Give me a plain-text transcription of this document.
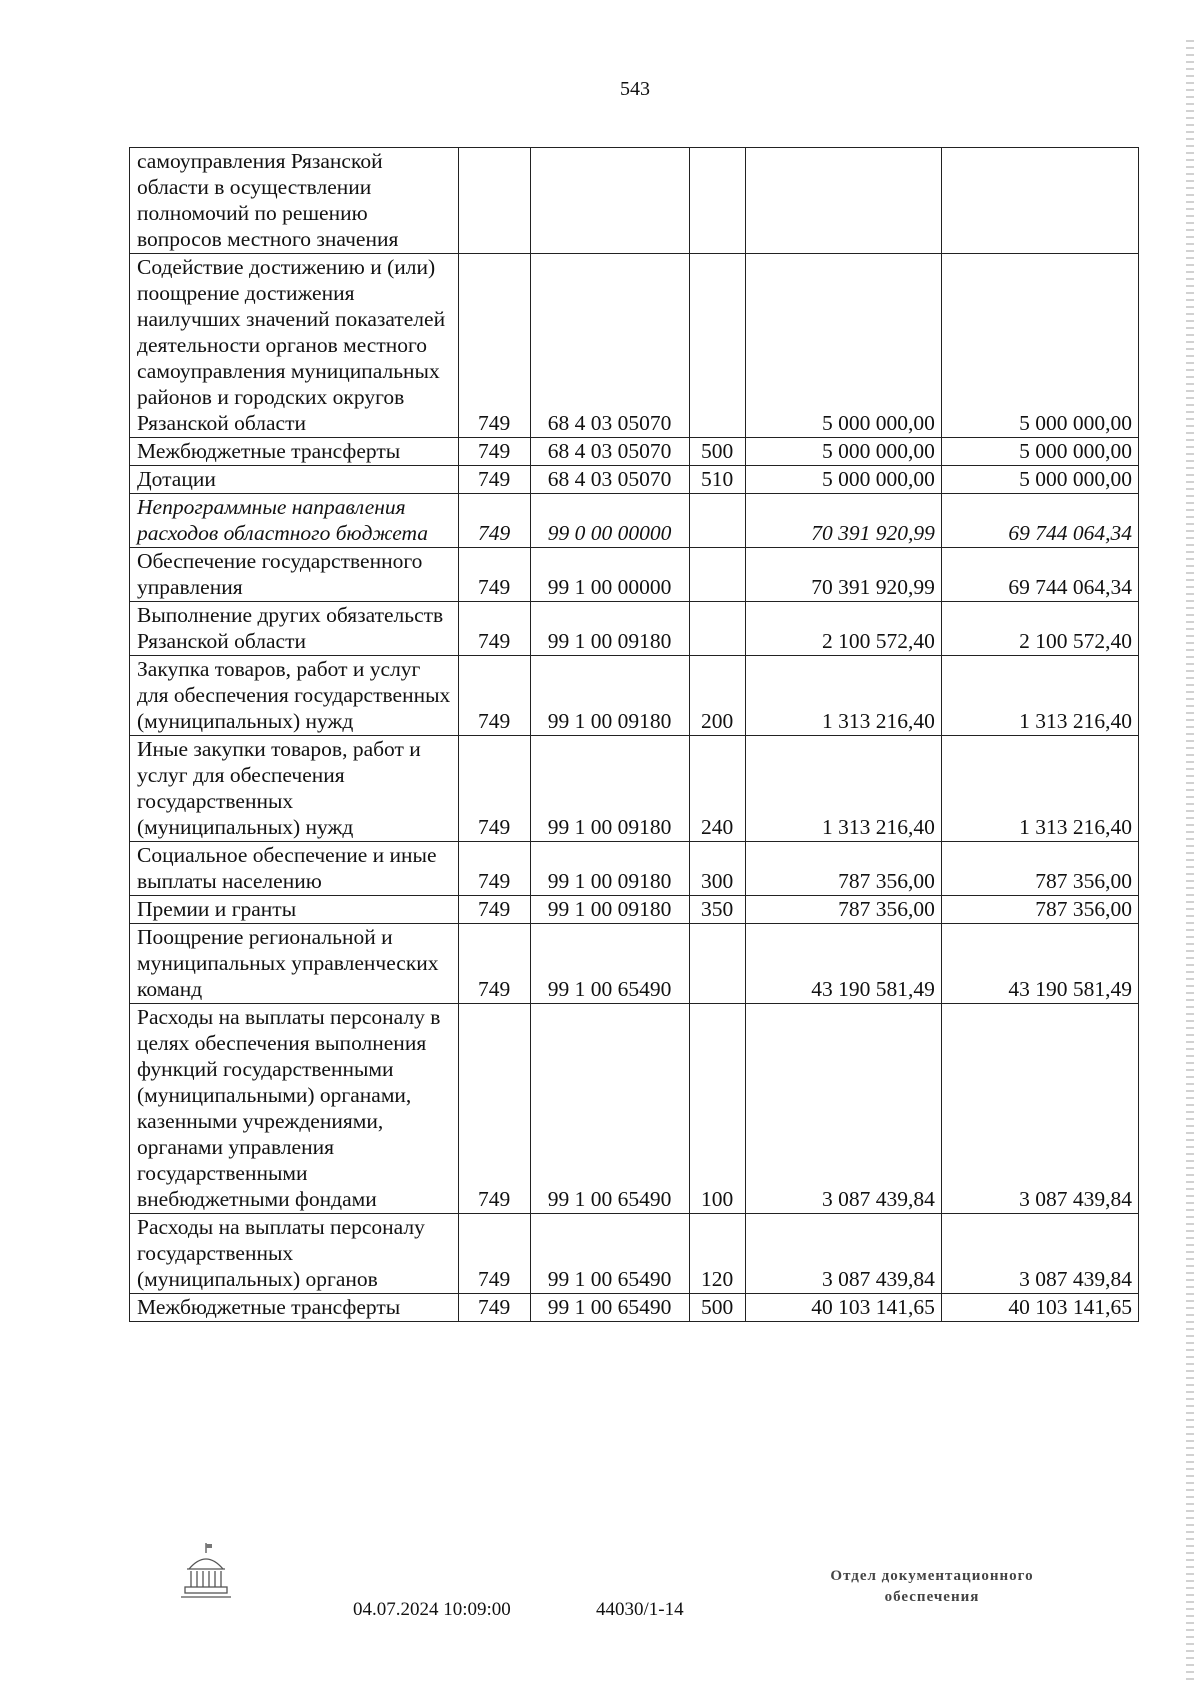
543
самоуправления Рязанской области в осуществлении полномочий по решению вопросов местного значения					
Содействие достижению и (или) поощрение достижения наилучших значений показателей деятельности органов местного самоуправления муниципальных районов и городских округов Рязанской области	749	68 4 03 05070		5 000 000,00	5 000 000,00
Межбюджетные трансферты	749	68 4 03 05070	500	5 000 000,00	5 000 000,00
Дотации	749	68 4 03 05070	510	5 000 000,00	5 000 000,00
Непрограммные направления расходов областного бюджета	749	99 0 00 00000		70 391 920,99	69 744 064,34
Обеспечение государственного управления	749	99 1 00 00000		70 391 920,99	69 744 064,34
Выполнение других обязательств Рязанской области	749	99 1 00 09180		2 100 572,40	2 100 572,40
Закупка товаров, работ и услуг для обеспечения государственных (муниципальных) нужд	749	99 1 00 09180	200	1 313 216,40	1 313 216,40
Иные закупки товаров, работ и услуг для обеспечения государственных (муниципальных) нужд	749	99 1 00 09180	240	1 313 216,40	1 313 216,40
Социальное обеспечение и иные выплаты населению	749	99 1 00 09180	300	787 356,00	787 356,00
Премии и гранты	749	99 1 00 09180	350	787 356,00	787 356,00
Поощрение региональной и муниципальных управленческих команд	749	99 1 00 65490		43 190 581,49	43 190 581,49
Расходы на выплаты персоналу в целях обеспечения выполнения функций государственными (муниципальными) органами, казенными учреждениями, органами управления государственными внебюджетными фондами	749	99 1 00 65490	100	3 087 439,84	3 087 439,84
Расходы на выплаты персоналу государственных (муниципальных) органов	749	99 1 00 65490	120	3 087 439,84	3 087 439,84
Межбюджетные трансферты	749	99 1 00 65490	500	40 103 141,65	40 103 141,65
04.07.2024 10:09:00	44030/1-14
Отдел документационного
обеспечения
